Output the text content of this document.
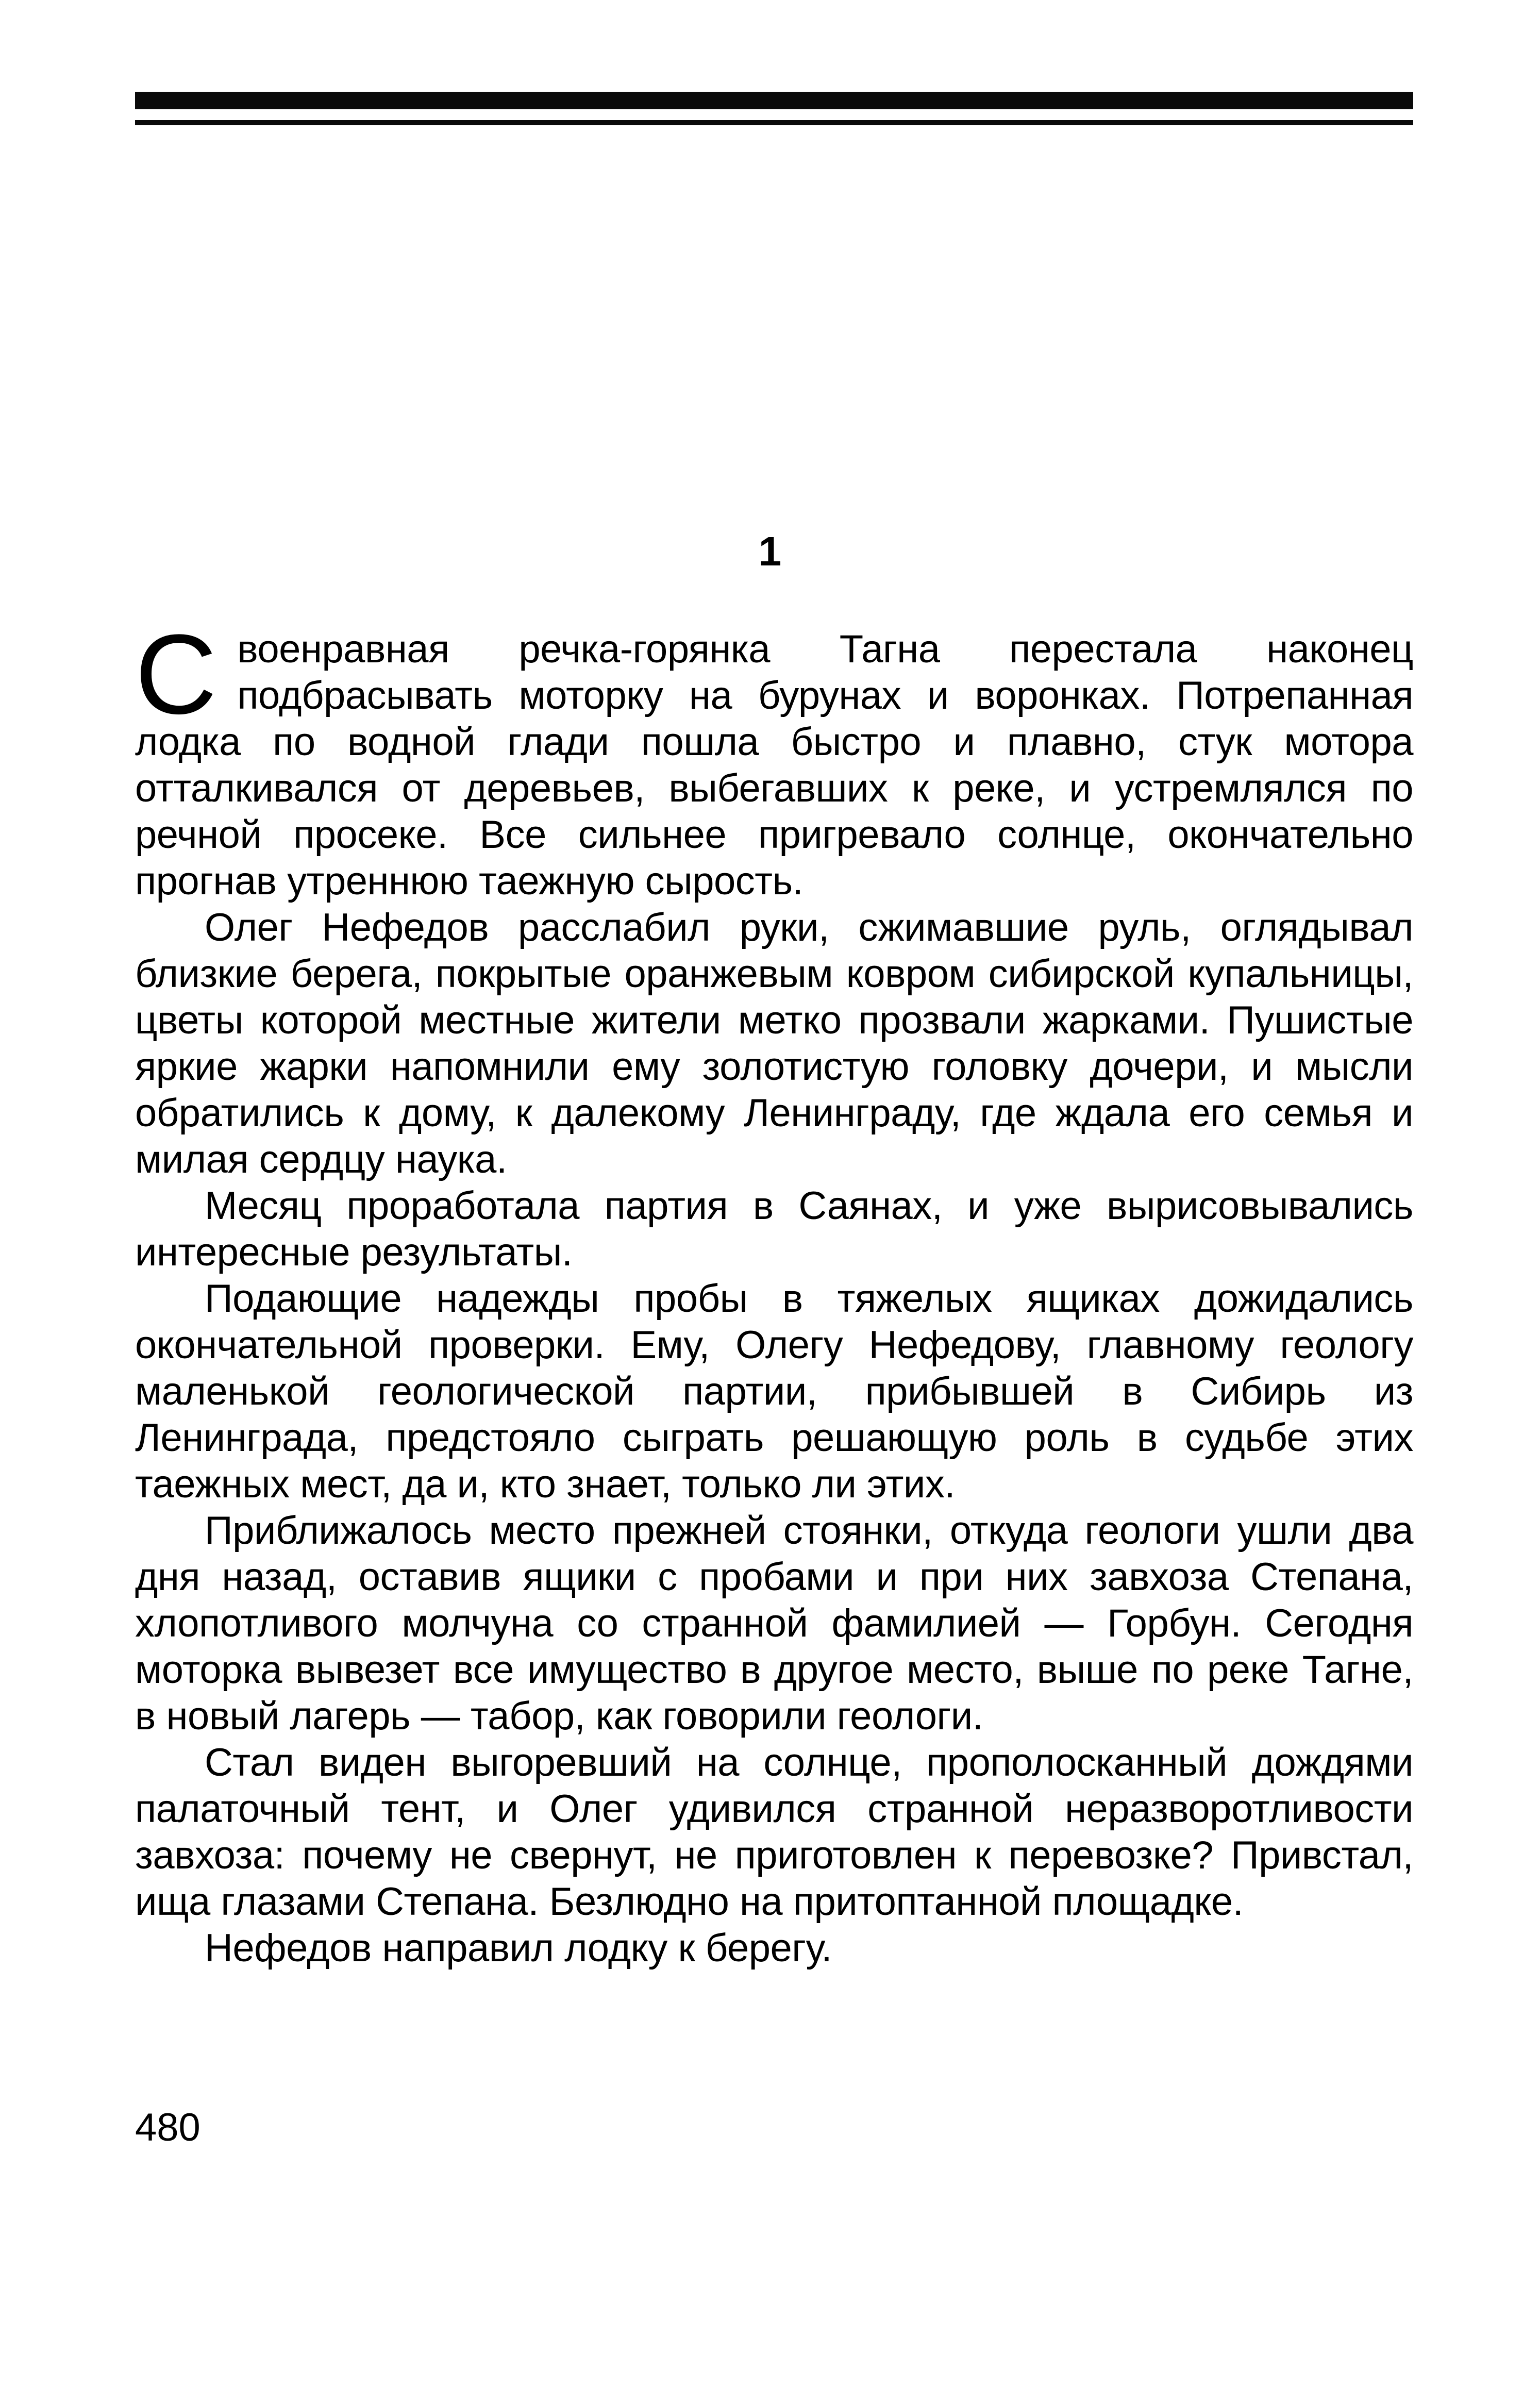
1

Своенравная речка-горянка Тагна перестала наконец подбрасывать моторку на бурунах и воронках. Потрепанная лодка по водной глади пошла быстро и плавно, стук мотора отталкивался от деревьев, выбегавших к реке, и устремлялся по речной просеке. Все сильнее пригревало солнце, окончательно прогнав утреннюю таежную сырость.

Олег Нефедов расслабил руки, сжимавшие руль, оглядывал близкие берега, покрытые оранжевым ковром сибирской купальницы, цветы которой местные жители метко прозвали жарками. Пушистые яркие жарки напомнили ему золотистую головку дочери, и мысли обратились к дому, к далекому Ленинграду, где ждала его семья и милая сердцу наука.

Месяц проработала партия в Саянах, и уже вырисовывались интересные результаты.

Подающие надежды пробы в тяжелых ящиках дожидались окончательной проверки. Ему, Олегу Нефедову, главному геологу маленькой геологической партии, прибывшей в Сибирь из Ленинграда, предстояло сыграть решающую роль в судьбе этих таежных мест, да и, кто знает, только ли этих.

Приближалось место прежней стоянки, откуда геологи ушли два дня назад, оставив ящики с пробами и при них завхоза Степана, хлопотливого молчуна со странной фамилией — Горбун. Сегодня моторка вывезет все имущество в другое место, выше по реке Тагне, в новый лагерь — табор, как говорили геологи.

Стал виден выгоревший на солнце, прополосканный дождями палаточный тент, и Олег удивился странной неразворотливости завхоза: почему не свернут, не приготовлен к перевозке? Привстал, ища глазами Степана. Безлюдно на притоптанной площадке.

Нефедов направил лодку к берегу.

480
